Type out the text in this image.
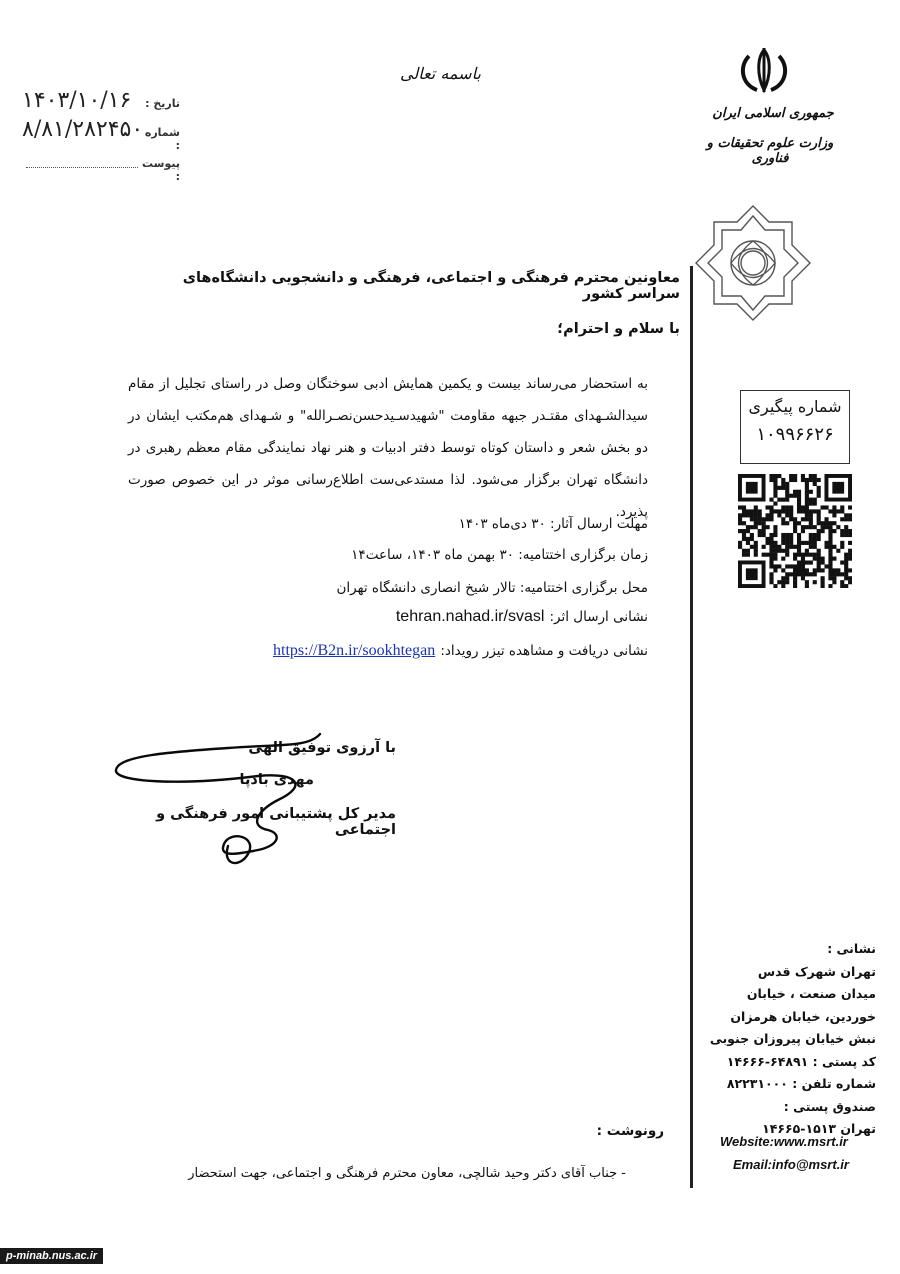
باسمه تعالی
۱۴۰۳/۱۰/۱۶	تاریخ :
۸/۸۱/۲۸۲۴۵۰ شماره :
پیوست :
جمهوری اسلامی ایران
وزارت علوم تحقیقات و فناوری
معاونین محترم فرهنگی و اجتماعی، فرهنگی و دانشجویی دانشگاه‌های سراسر کشور
با سلام و احترام؛
به استحضار می‌رساند بیست و یکمین همایش ادبی سوختگان وصل در راستای تجلیل از مقام سیدالشـهدای مقتـدر جبهه مقاومت "شهیدسـیدحسن‌نصـرالله" و شـهدای هم‌مکتب ایشان در دو بخش شعر و داستان کوتاه توسط دفتر ادبیات و هنر نهاد نمایندگی مقام معظم رهبری در دانشگاه تهران برگزار می‌شود. لذا مستدعی‌ست اطلاع‌رسانی موثر در این خصوص صورت پذیرد.
مهلت ارسال آثار: ۳۰ دی‌ماه ۱۴۰۳
زمان برگزاری اختتامیه: ۳۰ بهمن ماه ۱۴۰۳، ساعت۱۴
محل برگزاری اختتامیه: تالار شیخ انصاری دانشگاه تهران
نشانی ارسال اثر: tehran.nahad.ir/svasl
نشانی دریافت و مشاهده تیزر رویداد: https://B2n.ir/sookhtegan
با آرزوی توفیق الهی
مهدی بادپا
مدیر کل پشتیبانی امور فرهنگی و اجتماعی
شماره پیگیری
۱۰۹۹۶۶۲۶
نشانی :
تهران شهرک قدس
میدان صنعت ، خیابان
خوردین، خیابان هرمزان
نبش خیابان پیروزان جنوبی
کد پستی : ۶۴۸۹۱-۱۴۶۶۶
شماره تلفن : ۸۲۲۳۱۰۰۰
صندوق پستی :
تهران ۱۵۱۳-۱۴۶۶۵
Website:www.msrt.ir
Email:info@msrt.ir
رونوشت :
- جناب آقای دکتر وحید شالچی، معاون محترم فرهنگی و اجتماعی، جهت استحضار
p-minab.nus.ac.ir
